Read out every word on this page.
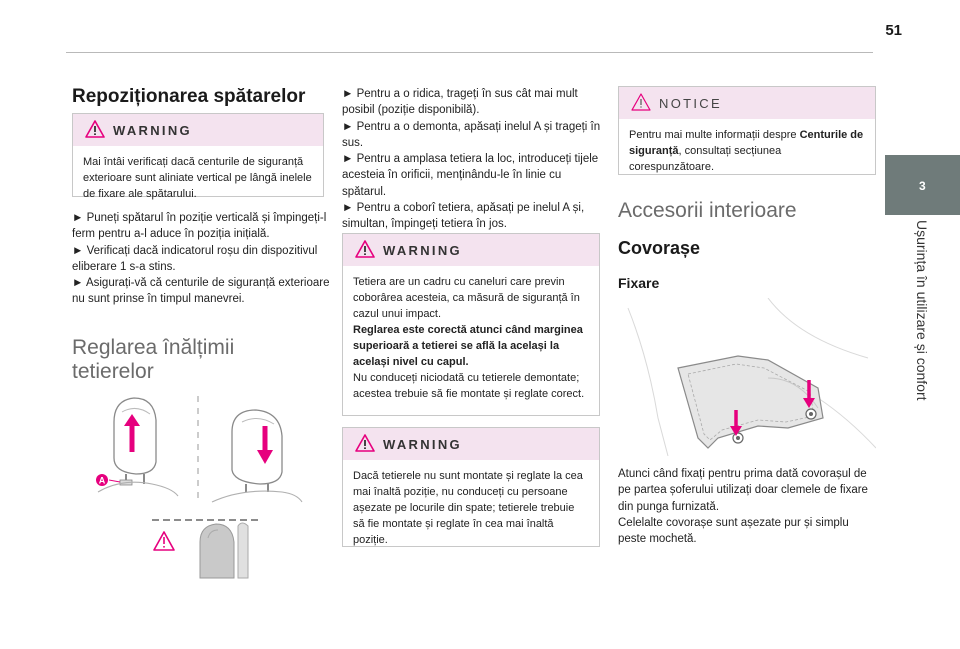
51
3
Ușurința în utilizare și confort
Repoziționarea spătarelor
WARNING
Mai întâi verificați dacă centurile de siguranță exterioare sunt aliniate vertical pe lângă inelele de fixare ale spătarului.

► Puneți spătarul în poziție verticală și împingeți-l ferm pentru a-l aduce în poziția inițială.

► Verificați dacă indicatorul roșu din dispozitivul eliberare 1 s-a stins.

► Asigurați-vă că centurile de siguranță exterioare nu sunt prinse în timpul manevrei.

Reglarea înălțimii
tetierelor
A

► Pentru a o ridica, trageți în sus cât mai mult posibil (poziție disponibilă).

► Pentru a o demonta, apăsați inelul A și trageți în sus.

► Pentru a amplasa tetiera la loc, introduceți tijele acesteia în orificii, menținându-le în linie cu spătarul.

► Pentru a coborî tetiera, apăsați pe inelul A și, simultan, împingeți tetiera în jos.

WARNING
Tetiera are un cadru cu caneluri care previn coborârea acesteia, ca măsură de siguranță în cazul unui impact.
Reglarea este corectă atunci când marginea superioară a tetierei se află la același la același nivel cu capul.
Nu conduceți niciodată cu tetierele demontate; acestea trebuie să fie montate și reglate corect.
WARNING
Dacă tetierele nu sunt montate și reglate la cea mai înaltă poziție, nu conduceți cu persoane așezate pe locurile din spate; tetierele trebuie să fie montate și reglate în cea mai înaltă poziție.
NOTICE
Pentru mai multe informații despre Centurile de siguranță, consultați secțiunea corespunzătoare.
Accesorii interioare
Covorașe
Fixare

Atunci când fixați pentru prima dată covorașul de pe partea șoferului utilizați doar clemele de fixare din punga furnizată.

Celelalte covorașe sunt așezate pur și simplu peste mochetă.
